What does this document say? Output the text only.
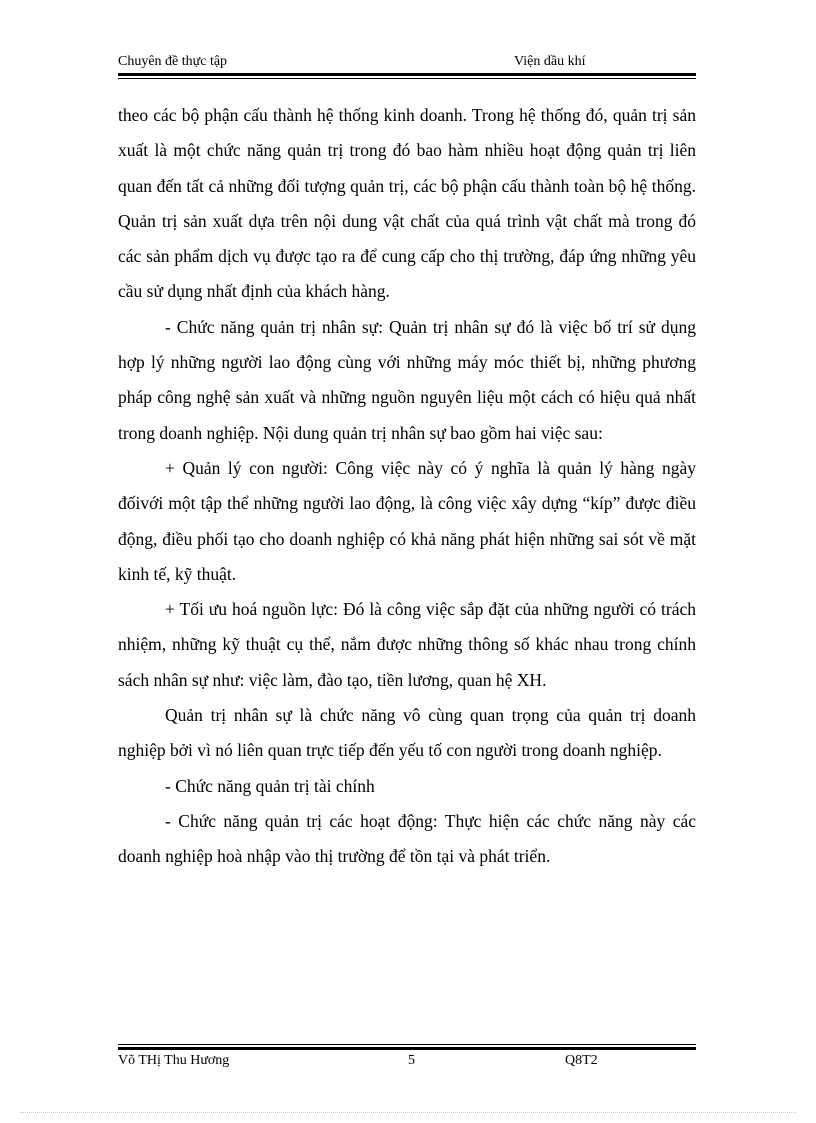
Chuyên đề thực tập	Viện dầu khí

theo các bộ phận cấu thành hệ thống kinh doanh. Trong hệ thống đó, quản trị sản xuất là một chức năng quản trị trong đó bao hàm nhiều hoạt động quản trị liên quan đến tất cả những đối tượng quản trị, các bộ phận cấu thành toàn bộ hệ thống. Quản trị sản xuất dựa trên nội dung vật chất của quá trình vật chất mà trong đó các sản phẩm dịch vụ được tạo ra để cung cấp cho thị trường, đáp ứng những yêu cầu sử dụng nhất định của khách hàng.

- Chức năng quản trị nhân sự: Quản trị nhân sự đó là việc bố trí sử dụng hợp lý những người lao động cùng với những máy móc thiết bị, những phương pháp công nghệ sản xuất và những nguồn nguyên liệu một cách có hiệu quả nhất trong doanh nghiệp. Nội dung quản trị nhân sự bao gồm hai việc sau:

+ Quản lý con người: Công việc này có ý nghĩa là quản lý hàng ngày đốivới một tập thể những người lao động, là công việc xây dựng “kíp” được điều động, điều phối tạo cho doanh nghiệp có khả năng phát hiện những sai sót về mặt kinh tế, kỹ thuật.

+ Tối ưu hoá nguồn lực: Đó là công việc sắp đặt của những người có trách nhiệm, những kỹ thuật cụ thể, nắm được những thông số khác nhau trong chính sách nhân sự như: việc làm, đào tạo, tiền lương, quan hệ XH.

Quản trị nhân sự là chức năng vô cùng quan trọng của quản trị doanh nghiệp bởi vì nó liên quan trực tiếp đến yếu tố con người trong doanh nghiệp.

- Chức năng quản trị tài chính

- Chức năng quản trị các hoạt động: Thực hiện các chức năng này các doanh nghiệp hoà nhập vào thị trường để tồn tại và phát triển.

Võ THị Thu Hương	5	Q8T2
